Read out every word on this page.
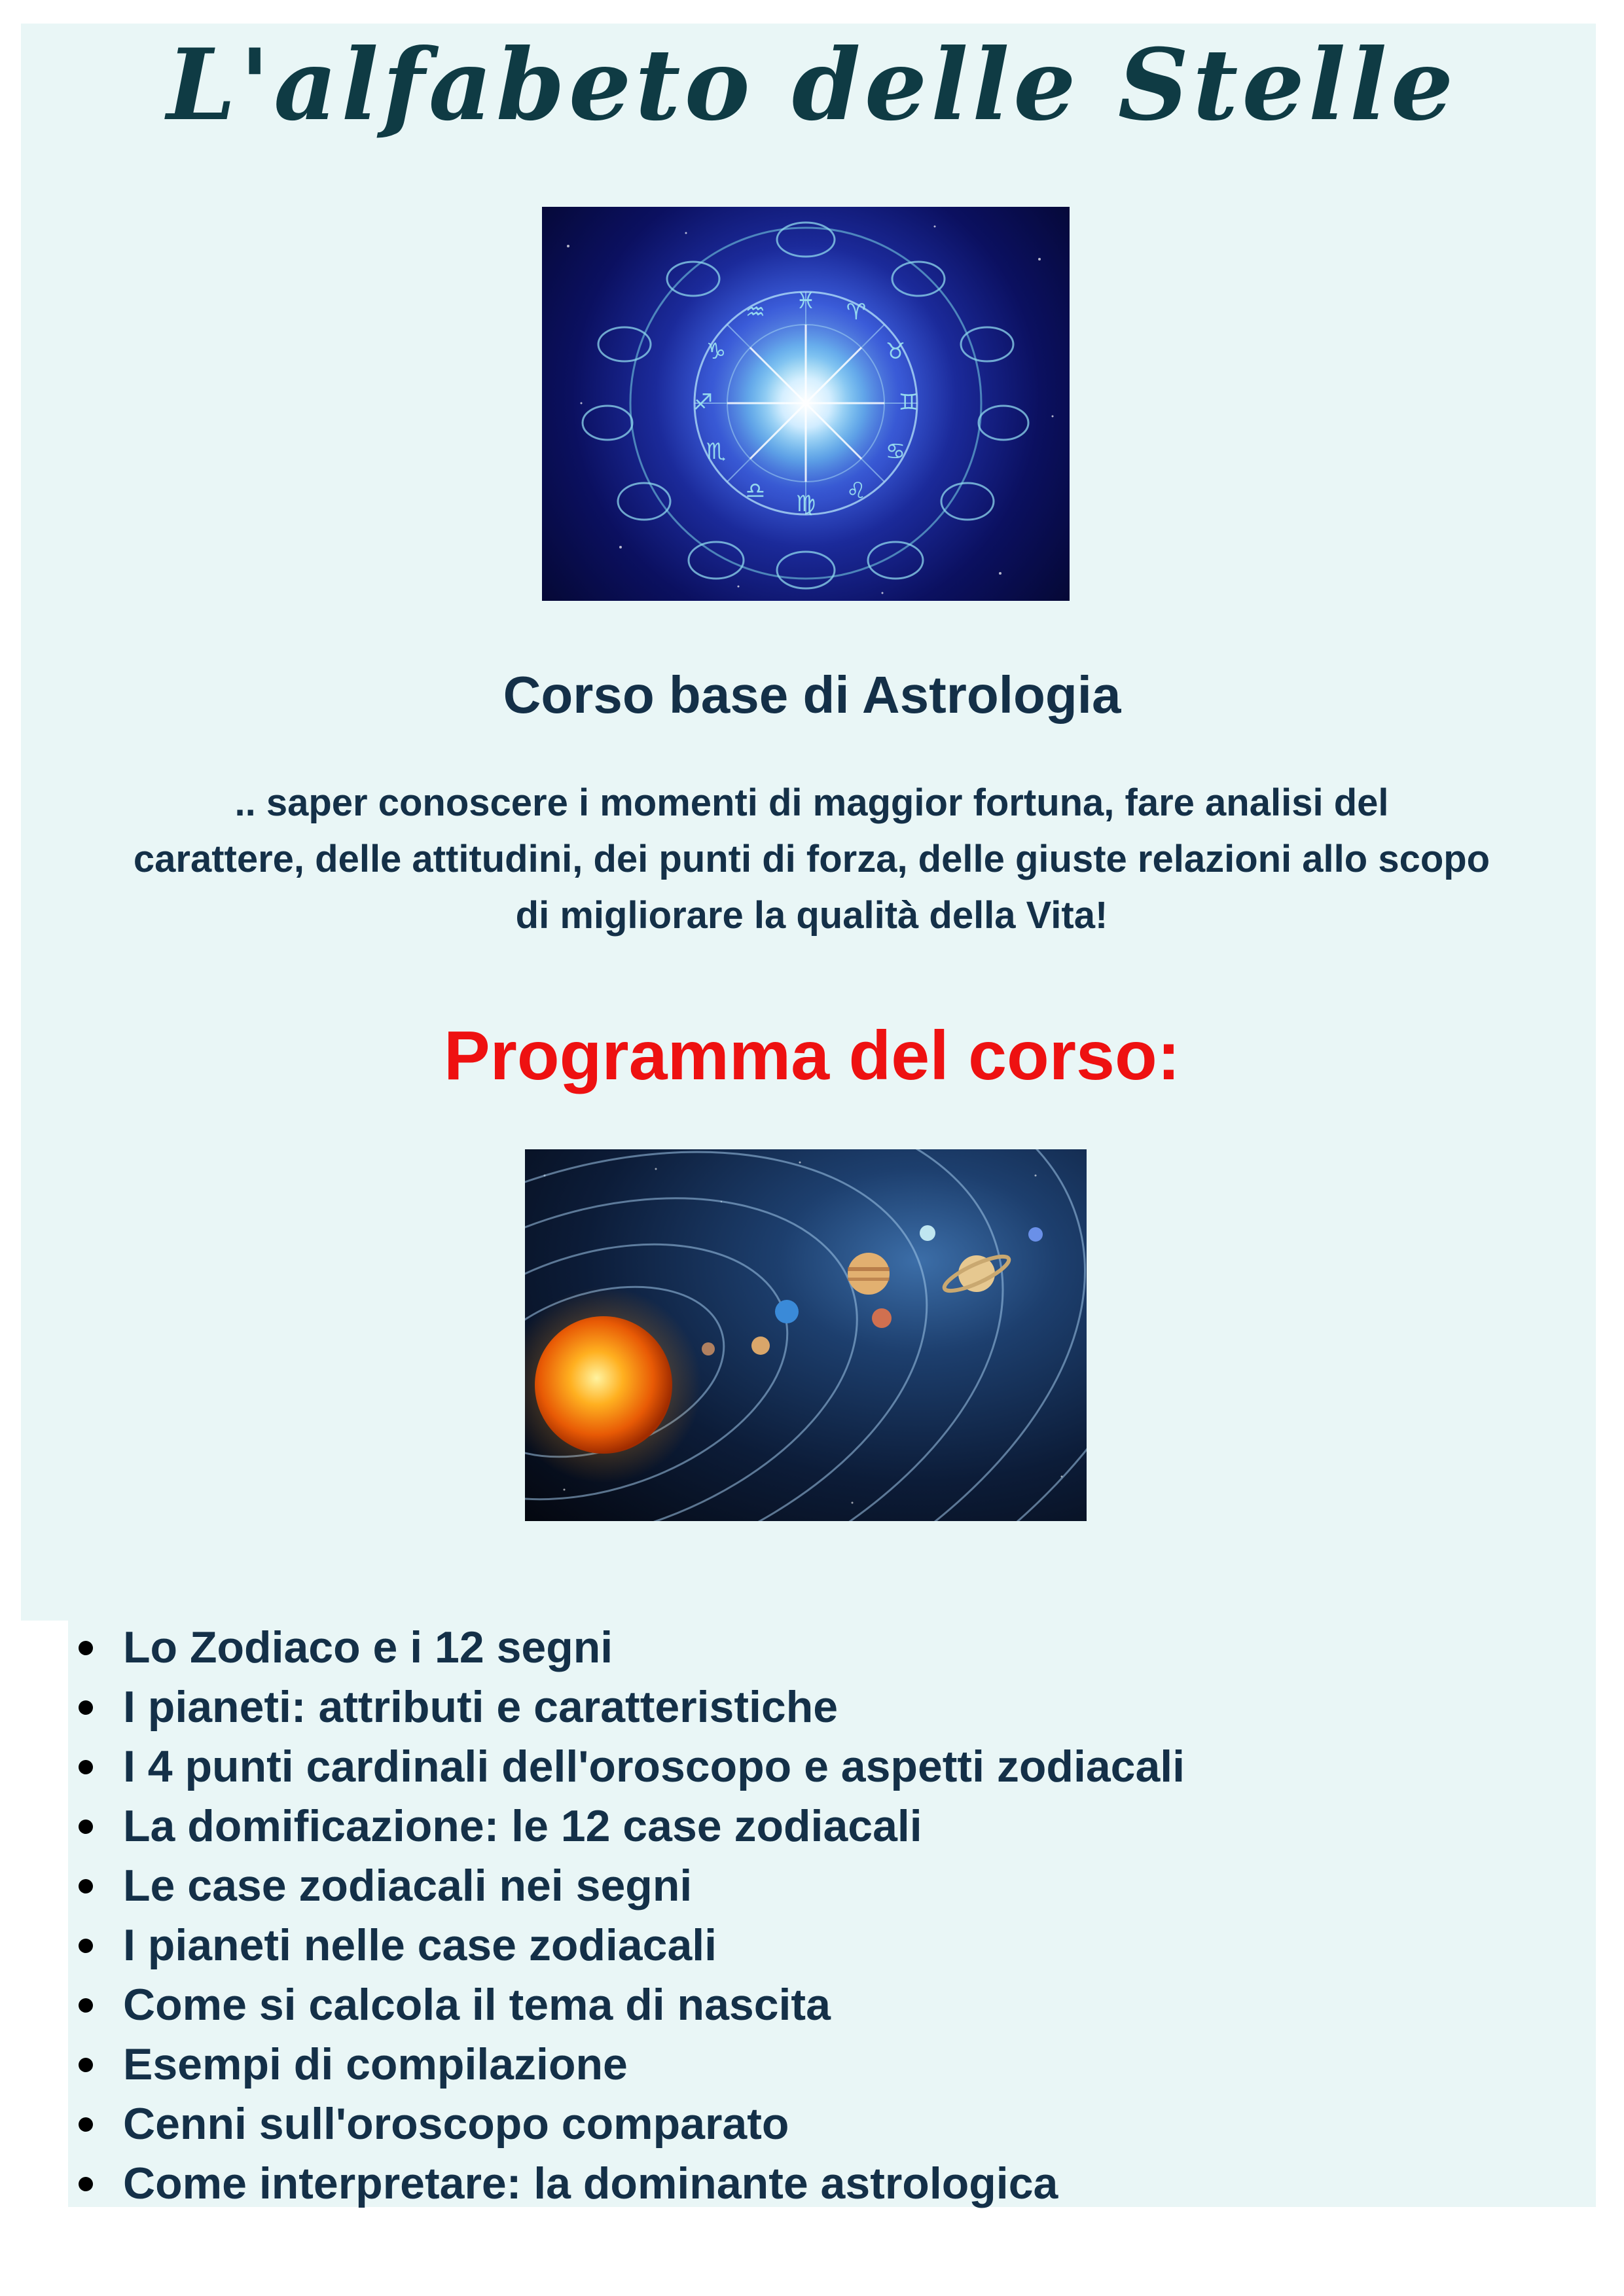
L'alfabeto delle Stelle
♓ ♈
♉
♊
♋
♌
♍
♎
♏
♐
♑
♒
Corso base di Astrologia

.. saper conoscere i momenti di maggior fortuna, fare analisi del
carattere, delle attitudini, dei punti di forza, delle giuste relazioni allo scopo
di migliorare la qualità della Vita!

Programma del corso:
Lo Zodiaco e i 12 segni
I pianeti: attributi e caratteristiche
I 4 punti cardinali dell'oroscopo e aspetti zodiacali
La domificazione: le 12 case zodiacali
Le case zodiacali nei segni
I pianeti nelle case zodiacali
Come si calcola il tema di nascita
Esempi di compilazione
Cenni sull'oroscopo comparato
Come interpretare: la dominante astrologica
